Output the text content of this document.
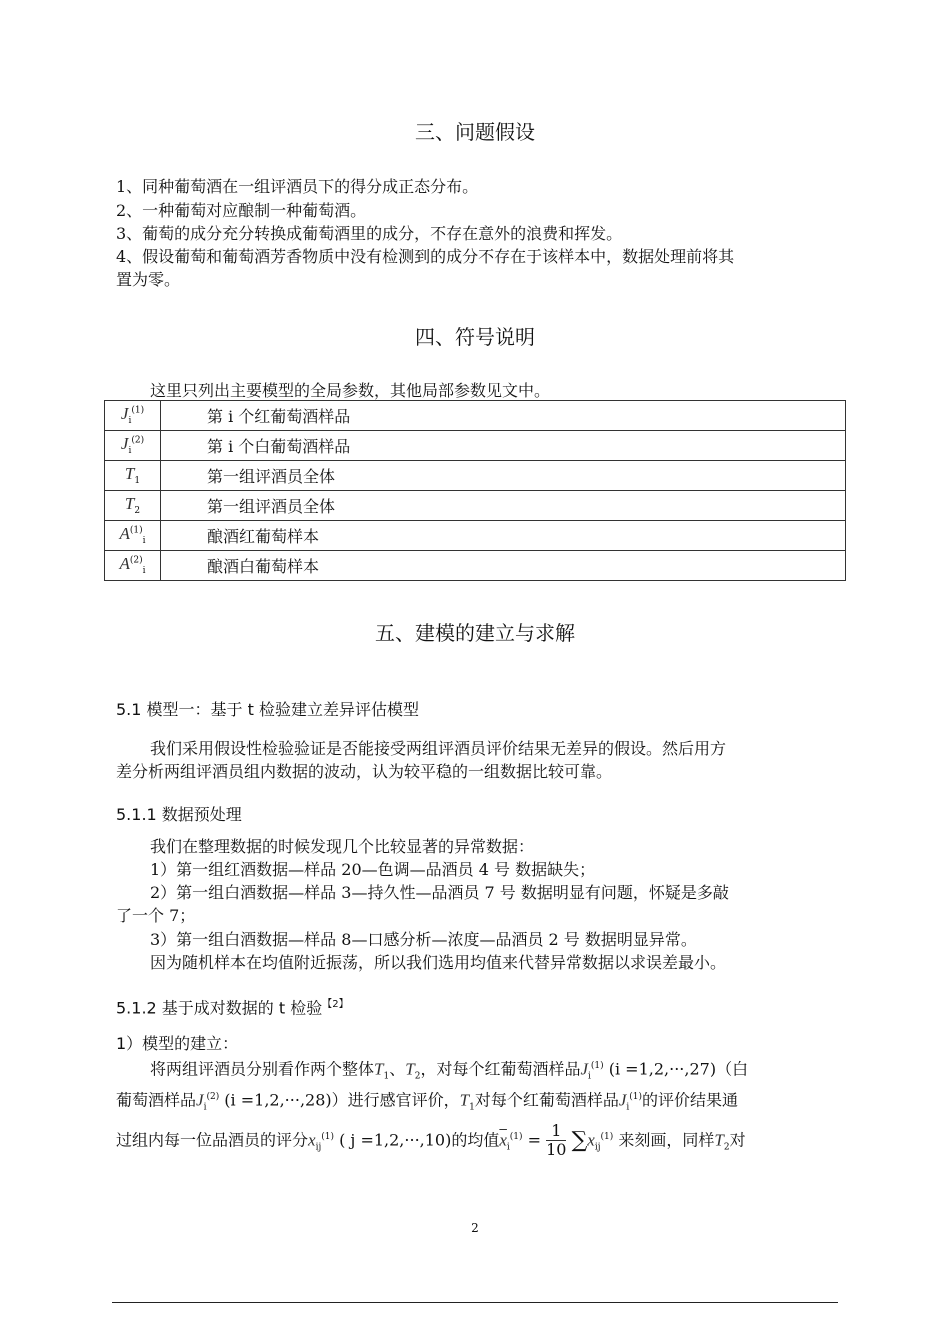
三、问题假设
1、同种葡萄酒在一组评酒员下的得分成正态分布。
2、一种葡萄对应酿制一种葡萄酒。
3、葡萄的成分充分转换成葡萄酒里的成分，不存在意外的浪费和挥发。
4、假设葡萄和葡萄酒芳香物质中没有检测到的成分不存在于该样本中，数据处理前将其
置为零。
四、符号说明
这里只列出主要模型的全局参数，其他局部参数见文中。
$J_i^{(1)}$	第 i 个红葡萄酒样品
$J_i^{(2)}$	第 i 个白葡萄酒样品
$T_1$	第一组评酒员全体
$T_2$	第一组评酒员全体
$A^{(1)}_i$	酿酒红葡萄样本
$A^{(2)}_i$	酿酒白葡萄样本
五、建模的建立与求解
5.1 模型一：基于 t 检验建立差异评估模型
我们采用假设性检验验证是否能接受两组评酒员评价结果无差异的假设。然后用方
差分析两组评酒员组内数据的波动，认为较平稳的一组数据比较可靠。
5.1.1 数据预处理
我们在整理数据的时候发现几个比较显著的异常数据：
1）第一组红酒数据—样品 20—色调—品酒员 4 号 数据缺失；
2）第一组白酒数据—样品 3—持久性—品酒员 7 号 数据明显有问题，怀疑是多敲
了一个 7；
3）第一组白酒数据—样品 8—口感分析—浓度—品酒员 2 号 数据明显异常。
因为随机样本在均值附近振荡，所以我们选用均值来代替异常数据以求误差最小。
5.1.2 基于成对数据的 t 检验$^{【2】}$
1）模型的建立：
将两组评酒员分别看作两个整体$T_1$、$T_2$，对每个红葡萄酒样品$J_i^{(1)}$ (i =1,2,···,27)（白
葡萄酒样品$J_i^{(2)}$ (i =1,2,···,28)）进行感官评价，$T_1$对每个红葡萄酒样品$J_i^{(1)}$的评价结果通
过组内每一位品酒员的评分$x_{ij}^{(1)}$ ( j =1,2,···,10)的均值$\overline{x}_i^{(1)} = \frac{1}{10} \sum x_{ij}^{(1)}$ 来刻画，同样$T_2$对
2
